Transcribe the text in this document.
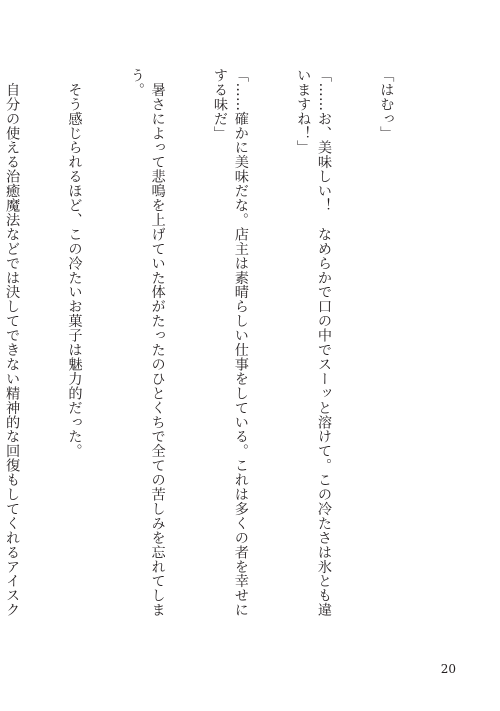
「はむっ」

「……お、美味しい！　なめらかで口の中でスーッと溶けて。この冷たさは氷とも違いますね！」

「……確かに美味だな。店主は素晴らしい仕事をしている。これは多くの者を幸せにする味だ」

　暑さによって悲鳴を上げていた体がたったのひとくちで全ての苦しみを忘れてしまう。

　そう感じられるほど、この冷たいお菓子は魅力的だった。

　自分の使える治癒魔法などでは決してできない精神的な回復もしてくれるアイスク

20
